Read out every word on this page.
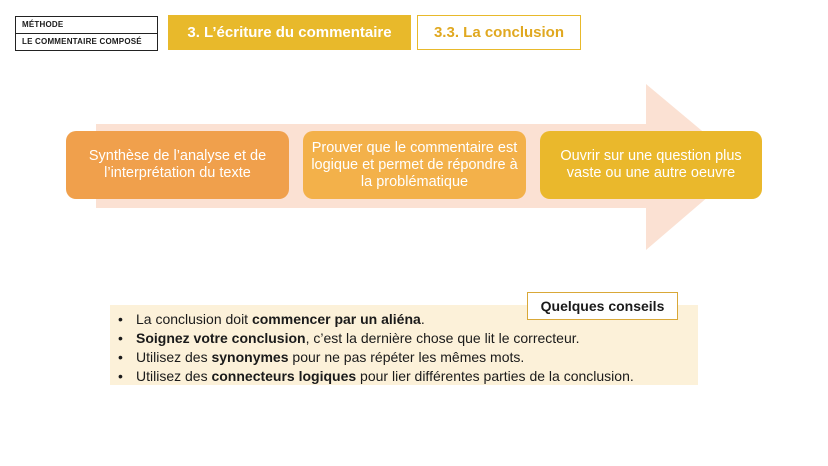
MÉTHODE
LE COMMENTAIRE COMPOSÉ
3. L’écriture du commentaire	3.3. La conclusion
Synthèse de l’analyse et de l’interprétation du texte
Prouver que le commentaire est logique et permet de répondre à la problématique
Ouvrir sur une question plus vaste ou une autre oeuvre
Quelques conseils
• La conclusion doit commencer par un aliéna.
• Soignez votre conclusion, c’est la dernière chose que lit le correcteur.
• Utilisez des synonymes pour ne pas répéter les mêmes mots.
• Utilisez des connecteurs logiques pour lier différentes parties de la conclusion.
